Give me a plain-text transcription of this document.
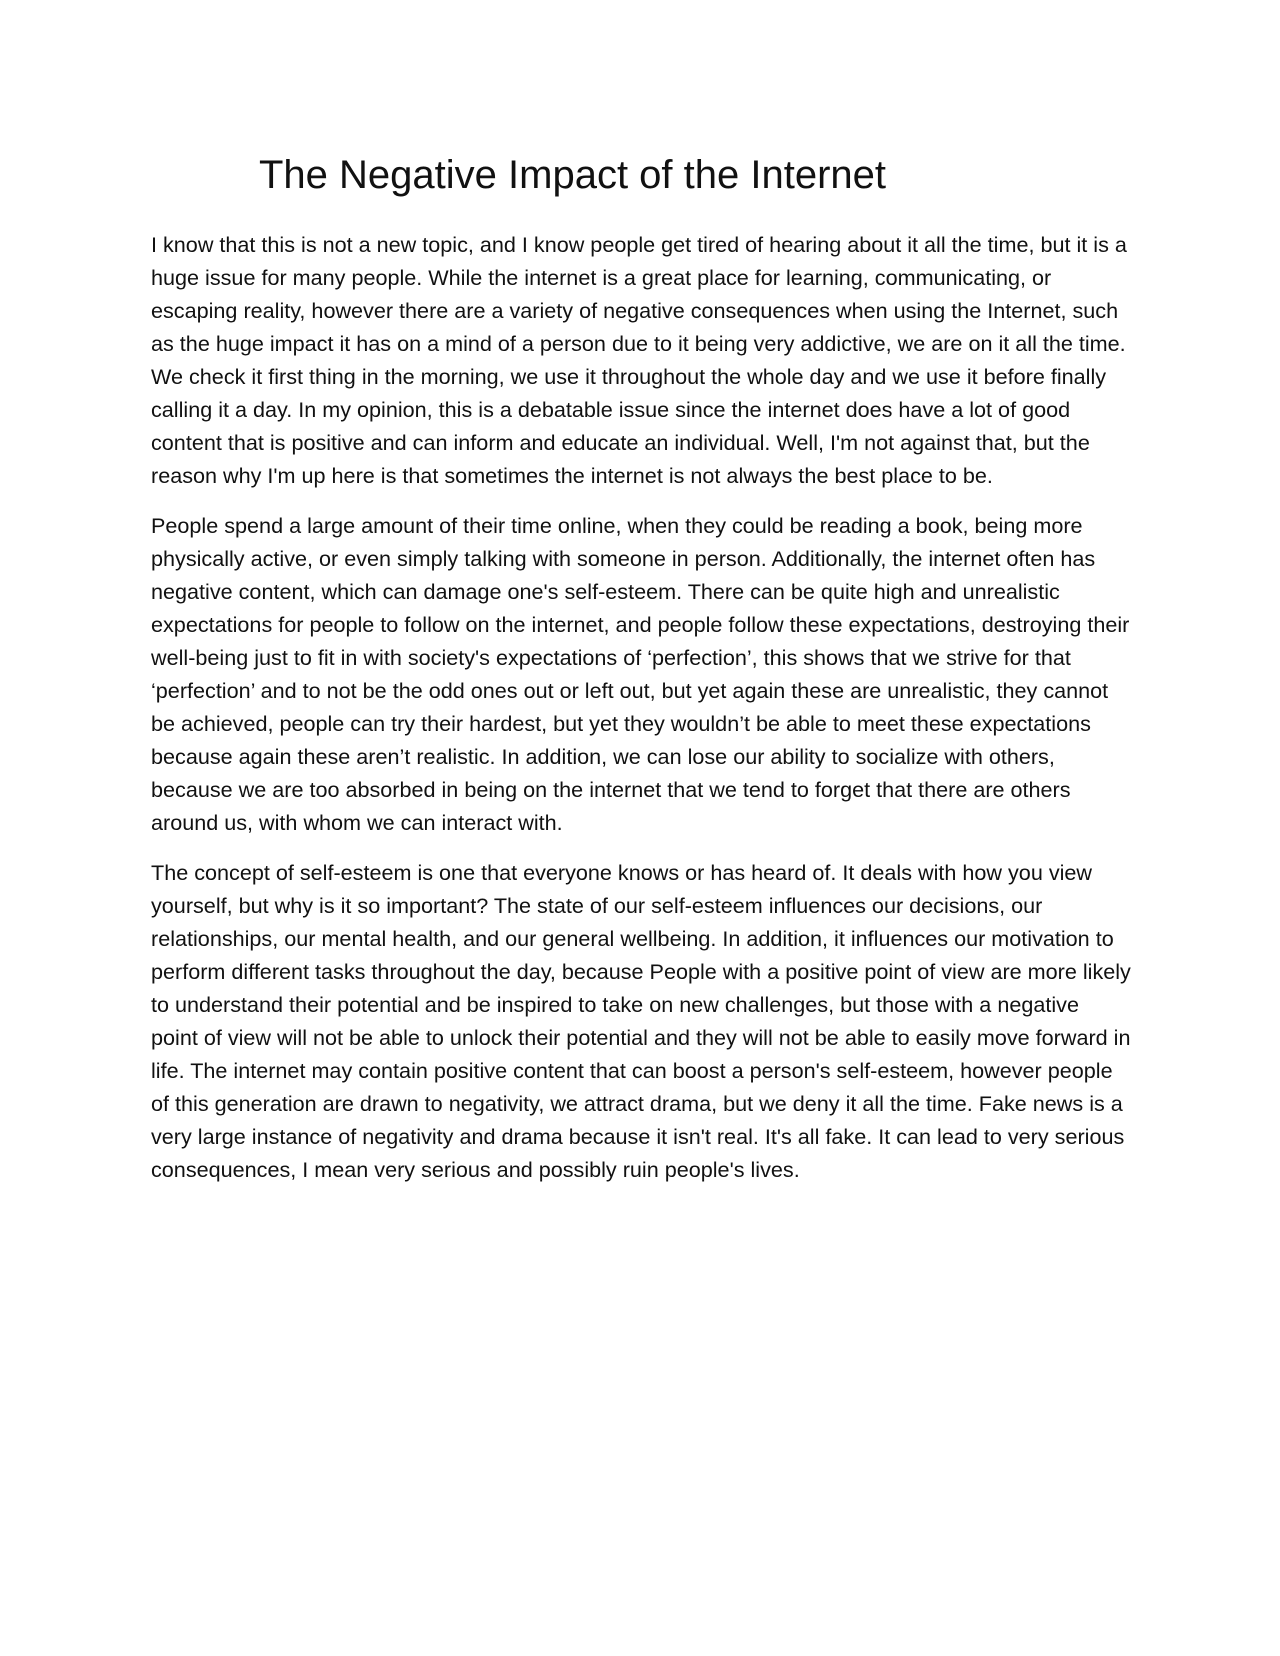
The Negative Impact of the Internet

I know that this is not a new topic, and I know people get tired of hearing about it all the time, but it is a huge issue for many people. While the internet is a great place for learning, communicating, or escaping reality, however there are a variety of negative consequences when using the Internet, such as the huge impact it has on a mind of a person due to it being very addictive, we are on it all the time. We check it first thing in the morning, we use it throughout the whole day and we use it before finally calling it a day. In my opinion, this is a debatable issue since the internet does have a lot of good content that is positive and can inform and educate an individual. Well, I'm not against that, but the reason why I'm up here is that sometimes the internet is not always the best place to be.

People spend a large amount of their time online, when they could be reading a book, being more physically active, or even simply talking with someone in person. Additionally, the internet often has negative content, which can damage one's self-esteem. There can be quite high and unrealistic expectations for people to follow on the internet, and people follow these expectations, destroying their well-being just to fit in with society's expectations of ‘perfection’, this shows that we strive for that ‘perfection’ and to not be the odd ones out or left out, but yet again these are unrealistic, they cannot be achieved, people can try their hardest, but yet they wouldn’t be able to meet these expectations because again these aren’t realistic. In addition, we can lose our ability to socialize with others, because we are too absorbed in being on the internet that we tend to forget that there are others around us, with whom we can interact with.

The concept of self-esteem is one that everyone knows or has heard of. It deals with how you view yourself, but why is it so important? The state of our self-esteem influences our decisions, our relationships, our mental health, and our general wellbeing. In addition, it influences our motivation to perform different tasks throughout the day, because People with a positive point of view are more likely to understand their potential and be inspired to take on new challenges, but those with a negative point of view will not be able to unlock their potential and they will not be able to easily move forward in life. The internet may contain positive content that can boost a person's self-esteem, however people of this generation are drawn to negativity, we attract drama, but we deny it all the time. Fake news is a very large instance of negativity and drama because it isn't real. It's all fake. It can lead to very serious consequences, I mean very serious and possibly ruin people's lives.
